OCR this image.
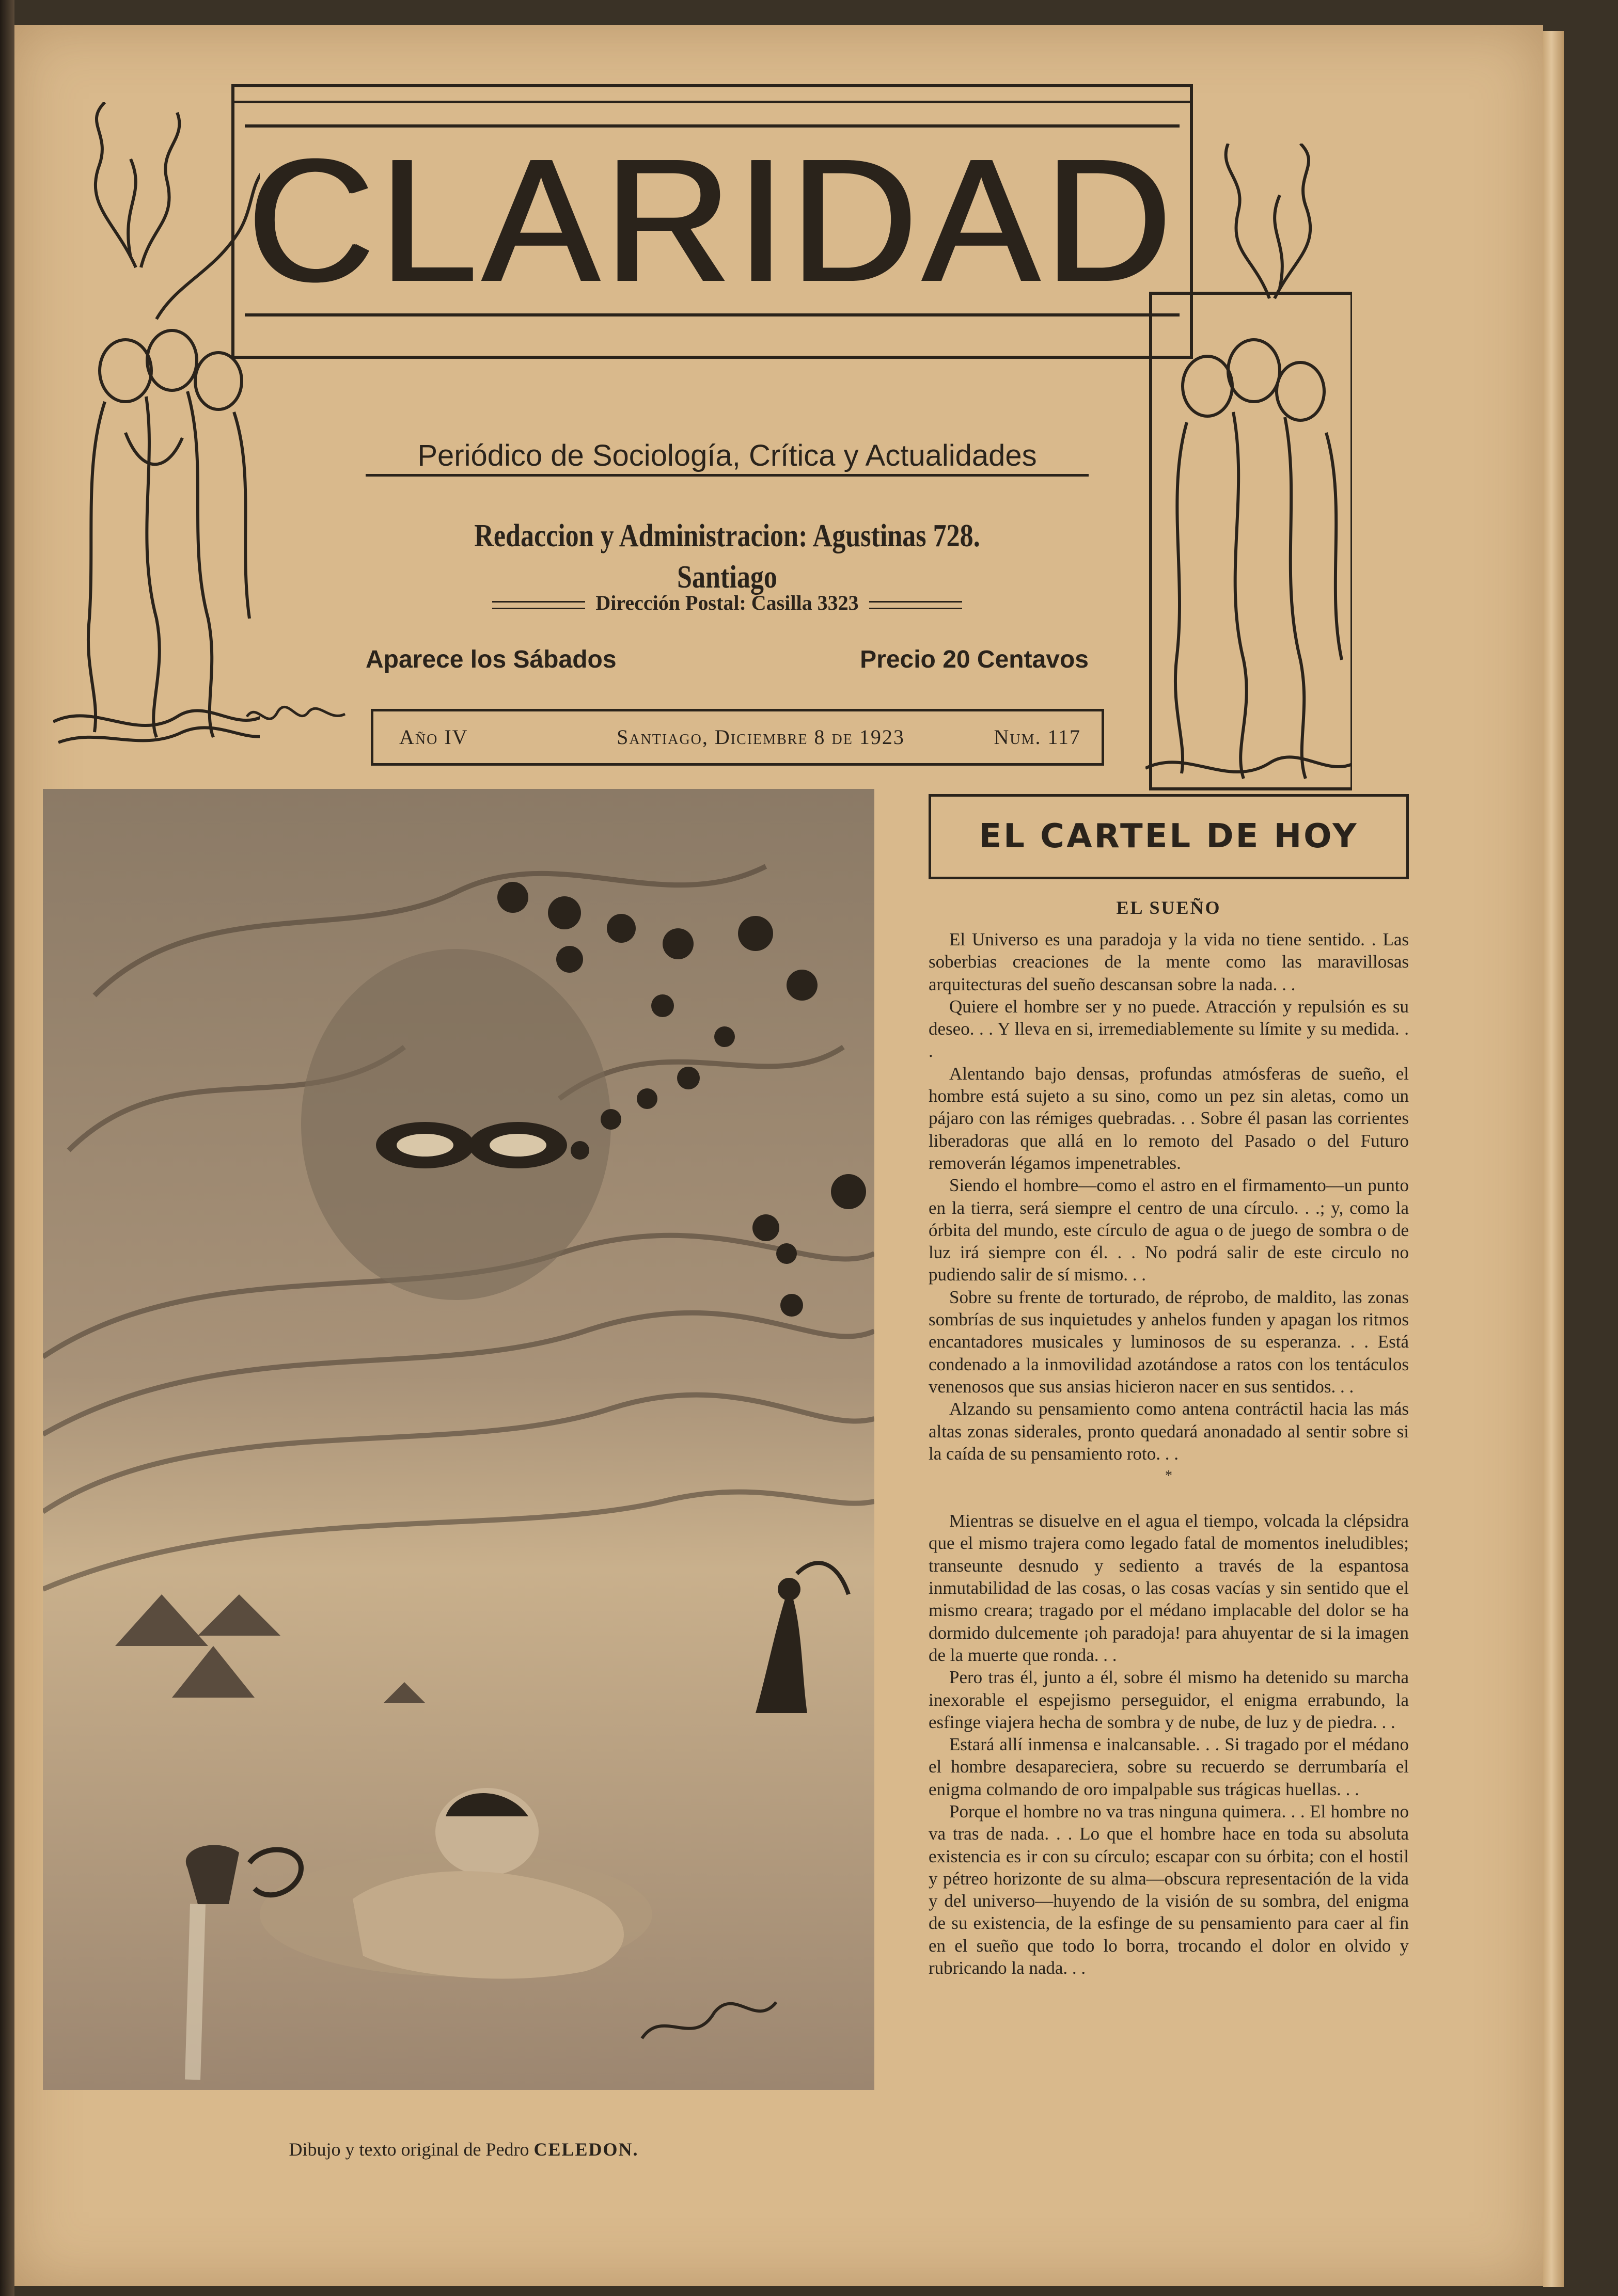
CLARIDAD
Periódico de Sociología, Crítica y Actualidades
Redaccion y Administracion: Agustinas 728. Santiago
Dirección Postal: Casilla 3323
Aparece los Sábados	Precio 20 Centavos
Año IV	Santiago, Diciembre 8 de 1923	Num. 117
Dibujo y texto original de Pedro CELEDON.
EL CARTEL DE HOY
EL SUEÑO

El Universo es una paradoja y la vida no tiene sentido. . Las soberbias creaciones de la mente como las maravillosas arquitecturas del sueño descansan sobre la nada. . .

Quiere el hombre ser y no puede. Atracción y repulsión es su deseo. . . Y lleva en si, irremediablemente su límite y su medida. . .

Alentando bajo densas, profundas atmósferas de sueño, el hombre está sujeto a su sino, como un pez sin aletas, como un pájaro con las rémiges quebradas. . . Sobre él pasan las corrientes liberadoras que allá en lo remoto del Pasado o del Futuro removerán légamos impenetrables.

Siendo el hombre—como el astro en el firmamento—un punto en la tierra, será siempre el centro de una círculo. . .; y, como la órbita del mundo, este círculo de agua o de juego de sombra o de luz irá siempre con él. . . No podrá salir de este circulo no pudiendo salir de sí mismo. . .

Sobre su frente de torturado, de réprobo, de maldito, las zonas sombrías de sus inquietudes y anhelos funden y apagan los ritmos encantadores musicales y luminosos de su esperanza. . . Está condenado a la inmovilidad azotándose a ratos con los tentáculos venenosos que sus ansias hicieron nacer en sus sentidos. . .

Alzando su pensamiento como antena contráctil hacia las más altas zonas siderales, pronto quedará anonadado al sentir sobre si la caída de su pensamiento roto. . .

*

Mientras se disuelve en el agua el tiempo, volcada la clépsidra que el mismo trajera como legado fatal de momentos ineludibles; transeunte desnudo y sediento a través de la espantosa inmutabilidad de las cosas, o las cosas vacías y sin sentido que el mismo creara; tragado por el médano implacable del dolor se ha dormido dulcemente ¡oh paradoja! para ahuyentar de si la imagen de la muerte que ronda. . .

Pero tras él, junto a él, sobre él mismo ha detenido su marcha inexorable el espejismo perseguidor, el enigma errabundo, la esfinge viajera hecha de sombra y de nube, de luz y de piedra. . .

Estará allí inmensa e inalcansable. . . Si tragado por el médano el hombre desapareciera, sobre su recuerdo se derrumbaría el enigma colmando de oro impalpable sus trágicas huellas. . .

Porque el hombre no va tras ninguna quimera. . . El hombre no va tras de nada. . . Lo que el hombre hace en toda su absoluta existencia es ir con su círculo; escapar con su órbita; con el hostil y pétreo horizonte de su alma—obscura representación de la vida y del universo—huyendo de la visión de su sombra, del enigma de su existencia, de la esfinge de su pensamiento para caer al fin en el sueño que todo lo borra, trocando el dolor en olvido y rubricando la nada. . .
